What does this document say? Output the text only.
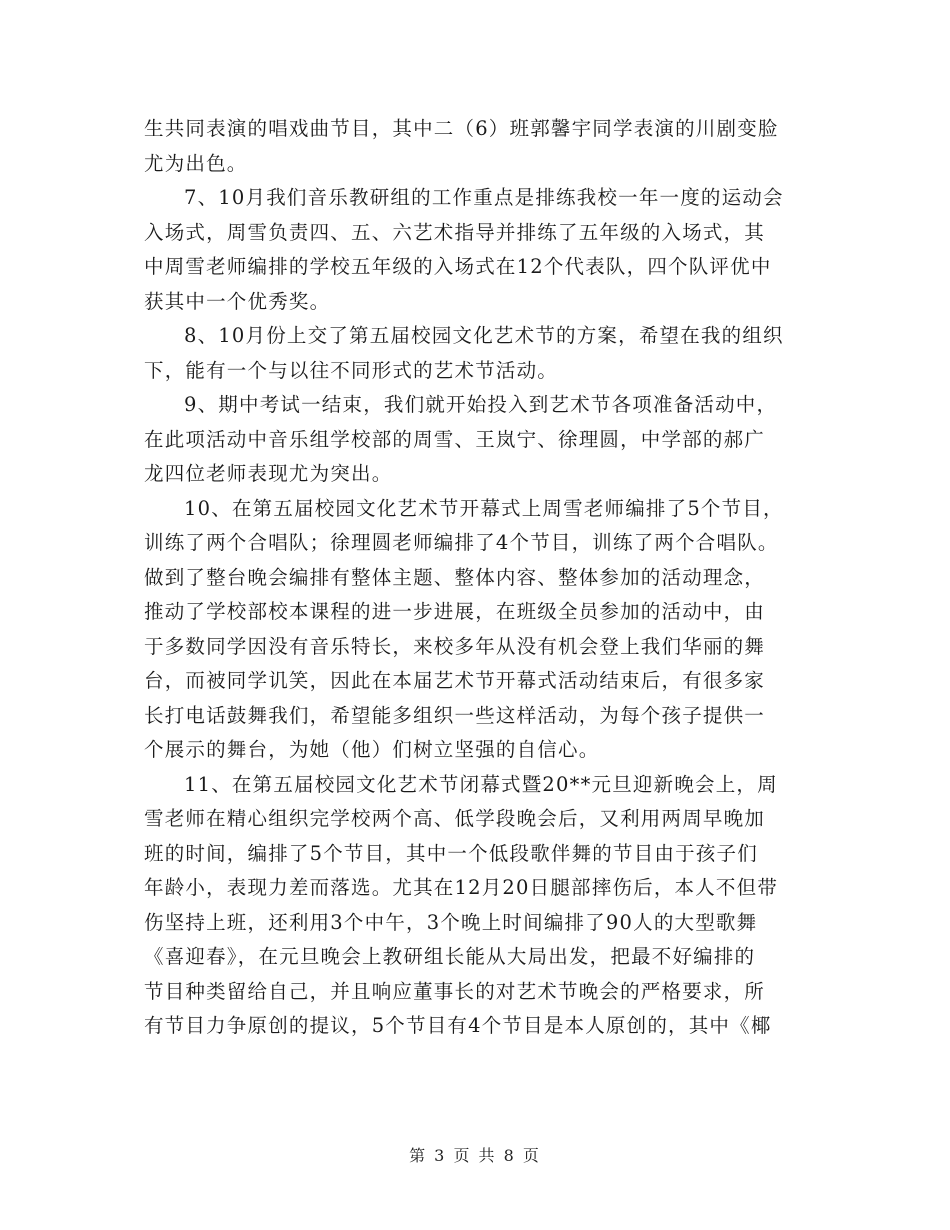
生共同表演的唱戏曲节目，其中二（6）班郭馨宇同学表演的川剧变脸
尤为出色。
7、10月我们音乐教研组的工作重点是排练我校一年一度的运动会
入场式，周雪负责四、五、六艺术指导并排练了五年级的入场式，其
中周雪老师编排的学校五年级的入场式在12个代表队，四个队评优中
获其中一个优秀奖。
8、10月份上交了第五届校园文化艺术节的方案，希望在我的组织
下，能有一个与以往不同形式的艺术节活动。
9、期中考试一结束，我们就开始投入到艺术节各项准备活动中，
在此项活动中音乐组学校部的周雪、王岚宁、徐理圆，中学部的郝广
龙四位老师表现尤为突出。
10、在第五届校园文化艺术节开幕式上周雪老师编排了5个节目，
训练了两个合唱队；徐理圆老师编排了4个节目，训练了两个合唱队。
做到了整台晚会编排有整体主题、整体内容、整体参加的活动理念，
推动了学校部校本课程的进一步进展，在班级全员参加的活动中，由
于多数同学因没有音乐特长，来校多年从没有机会登上我们华丽的舞
台，而被同学讥笑，因此在本届艺术节开幕式活动结束后，有很多家
长打电话鼓舞我们，希望能多组织一些这样活动，为每个孩子提供一
个展示的舞台，为她（他）们树立坚强的自信心。
11、在第五届校园文化艺术节闭幕式暨20**元旦迎新晚会上，周
雪老师在精心组织完学校两个高、低学段晚会后，又利用两周早晚加
班的时间，编排了5个节目，其中一个低段歌伴舞的节目由于孩子们
年龄小，表现力差而落选。尤其在12月20日腿部摔伤后，本人不但带
伤坚持上班，还利用3个中午，3个晚上时间编排了90人的大型歌舞
《喜迎春》，在元旦晚会上教研组长能从大局出发，把最不好编排的
节目种类留给自己，并且响应董事长的对艺术节晚会的严格要求，所
有节目力争原创的提议，5个节目有4个节目是本人原创的，其中《椰
第 3 页 共 8 页
